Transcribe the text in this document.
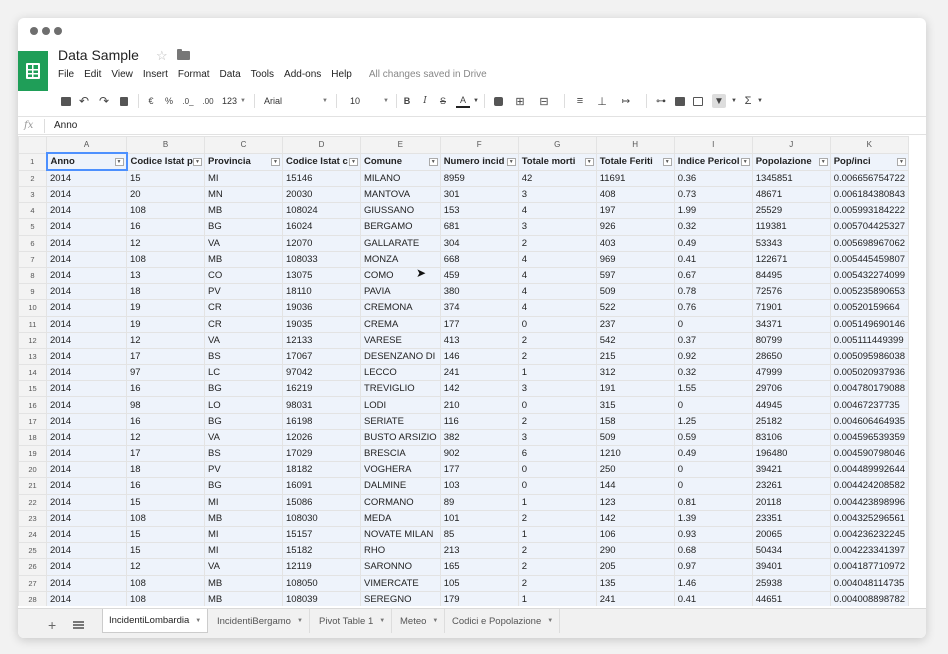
Data Sample ☆
File Edit View Insert Format Data Tools Add-ons Help All changes saved in Drive
↶ ↷	€ %	.0_	.00 123 ▼ Arial	▼ 10	▼ B	I	S	A	▼	⊞	⊟	≡ ⊥	↦	⊶	▼	▼ Σ ▼
fx Anno
	A	B	C	D	E	F	G	H	I	J	K
1	Anno ▼	Codice Istat p ▼	Provincia ▼	Codice Istat c ▼	Comune ▼	Numero incid ▼	Totale morti ▼	Totale Feriti ▼	Indice Pericol ▼	Popolazione ▼	Pop/inci ▼

2	2014	15	MI	15146	MILANO	8959	42	11691	0.36	1345851	0.006656754722
3	2014	20	MN	20030	MANTOVA	301	3	408	0.73	48671	0.006184380843
4	2014	108	MB	108024	GIUSSANO	153	4	197	1.99	25529	0.005993184222
5	2014	16	BG	16024	BERGAMO	681	3	926	0.32	119381	0.005704425327
6	2014	12	VA	12070	GALLARATE	304	2	403	0.49	53343	0.005698967062
7	2014	108	MB	108033	MONZA	668	4	969	0.41	122671	0.005445459807
8	2014	13	CO	13075	COMO	459	4	597	0.67	84495	0.005432274099
9	2014	18	PV	18110	PAVIA	380	4	509	0.78	72576	0.005235890653
10	2014	19	CR	19036	CREMONA	374	4	522	0.76	71901	0.00520159664
11	2014	19	CR	19035	CREMA	177	0	237	0	34371	0.005149690146
12	2014	12	VA	12133	VARESE	413	2	542	0.37	80799	0.005111449399
13	2014	17	BS	17067	DESENZANO DI	146	2	215	0.92	28650	0.005095986038
14	2014	97	LC	97042	LECCO	241	1	312	0.32	47999	0.005020937936
15	2014	16	BG	16219	TREVIGLIO	142	3	191	1.55	29706	0.004780179088
16	2014	98	LO	98031	LODI	210	0	315	0	44945	0.00467237735
17	2014	16	BG	16198	SERIATE	116	2	158	1.25	25182	0.004606464935
18	2014	12	VA	12026	BUSTO ARSIZIO	382	3	509	0.59	83106	0.004596539359
19	2014	17	BS	17029	BRESCIA	902	6	1210	0.49	196480	0.004590798046
20	2014	18	PV	18182	VOGHERA	177	0	250	0	39421	0.004489992644
21	2014	16	BG	16091	DALMINE	103	0	144	0	23261	0.004424208582
22	2014	15	MI	15086	CORMANO	89	1	123	0.81	20118	0.004423898996
23	2014	108	MB	108030	MEDA	101	2	142	1.39	23351	0.004325296561
24	2014	15	MI	15157	NOVATE MILAN	85	1	106	0.93	20065	0.004236232245
25	2014	15	MI	15182	RHO	213	2	290	0.68	50434	0.004223341397
26	2014	12	VA	12119	SARONNO	165	2	205	0.97	39401	0.004187710972
27	2014	108	MB	108050	VIMERCATE	105	2	135	1.46	25938	0.004048114735
28	2014	108	MB	108039	SEREGNO	179	1	241	0.41	44651	0.004008898782
➤
+	IncidentiLombardia ▼ IncidentiBergamo ▼ Pivot Table 1 ▼ Meteo ▼ Codici e Popolazione ▼
